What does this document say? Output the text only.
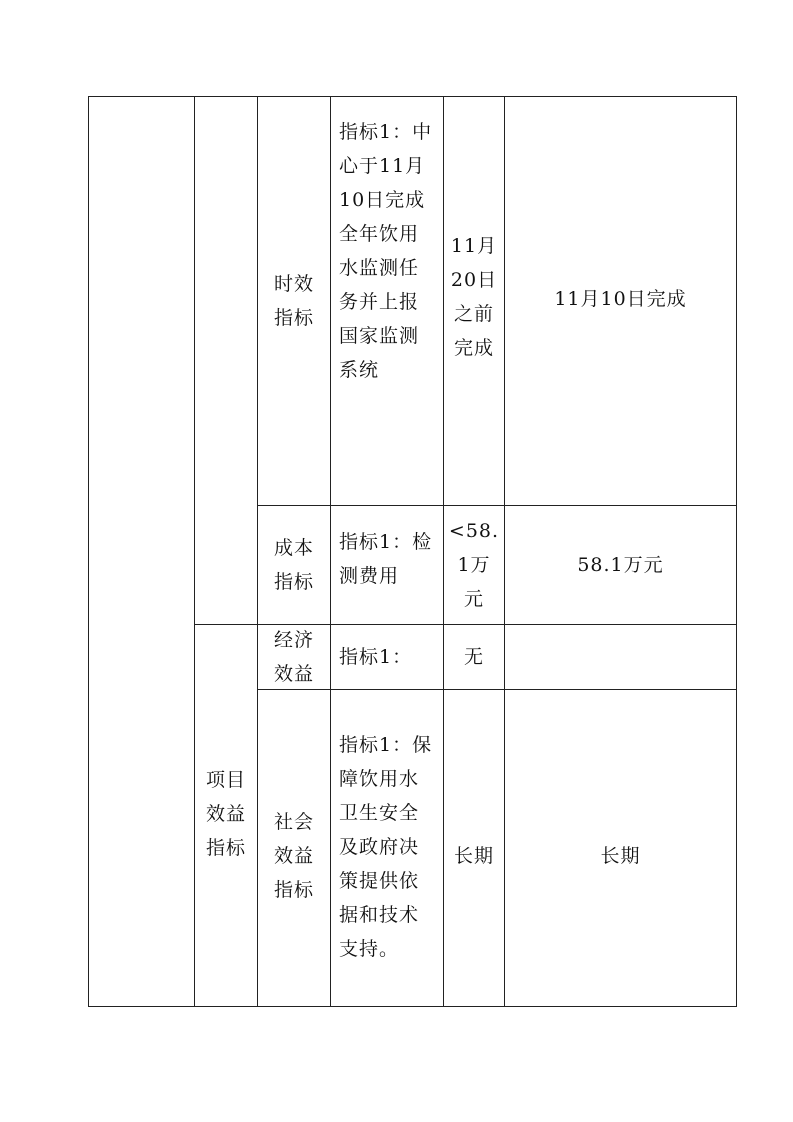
时效
指标
指标1：中
心于11月
10日完成
全年饮用
水监测任
务并上报
国家监测
系统
11月
20日
之前
完成
11月10日完成
成本
指标
指标1：检
测费用
<58.
1万
元
58.1万元
经济
效益
指标1：	无
项目
效益
指标
社会
效益
指标
指标1：保
障饮用水
卫生安全
及政府决
策提供依
据和技术
支持。
长期	长期
